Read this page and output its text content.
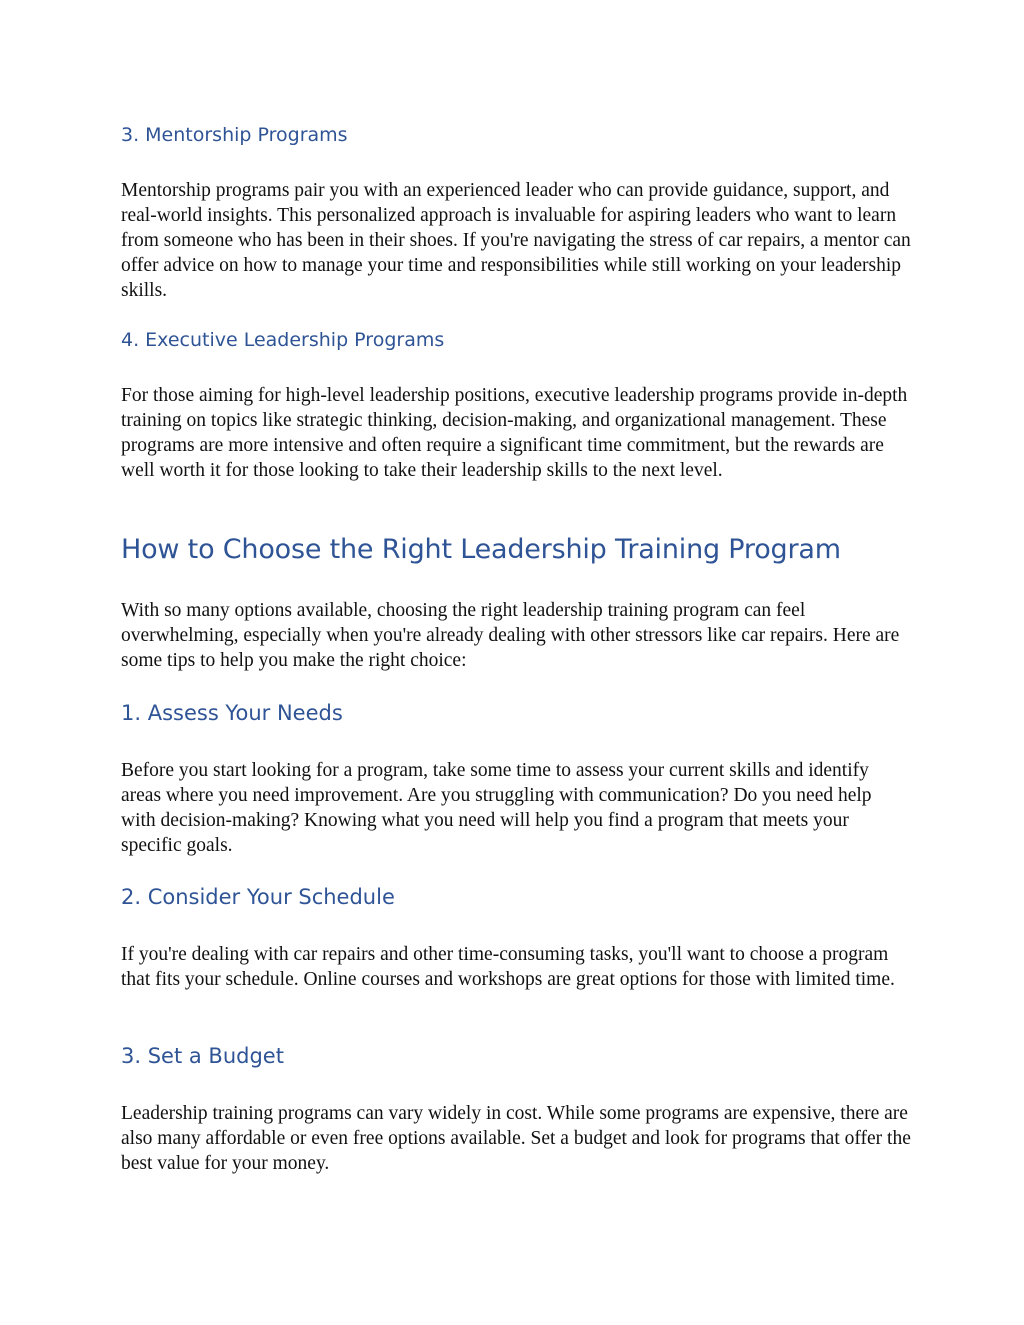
3. Mentorship Programs

Mentorship programs pair you with an experienced leader who can provide guidance, support, and real-world insights. This personalized approach is invaluable for aspiring leaders who want to learn from someone who has been in their shoes. If you're navigating the stress of car repairs, a mentor can offer advice on how to manage your time and responsibilities while still working on your leadership skills.

4. Executive Leadership Programs

For those aiming for high-level leadership positions, executive leadership programs provide in-depth training on topics like strategic thinking, decision-making, and organizational management. These programs are more intensive and often require a significant time commitment, but the rewards are well worth it for those looking to take their leadership skills to the next level.

How to Choose the Right Leadership Training Program

With so many options available, choosing the right leadership training program can feel overwhelming, especially when you're already dealing with other stressors like car repairs. Here are some tips to help you make the right choice:

1. Assess Your Needs

Before you start looking for a program, take some time to assess your current skills and identify areas where you need improvement. Are you struggling with communication? Do you need help with decision-making? Knowing what you need will help you find a program that meets your specific goals.

2. Consider Your Schedule

If you're dealing with car repairs and other time-consuming tasks, you'll want to choose a program that fits your schedule. Online courses and workshops are great options for those with limited time.

3. Set a Budget

Leadership training programs can vary widely in cost. While some programs are expensive, there are also many affordable or even free options available. Set a budget and look for programs that offer the best value for your money.
